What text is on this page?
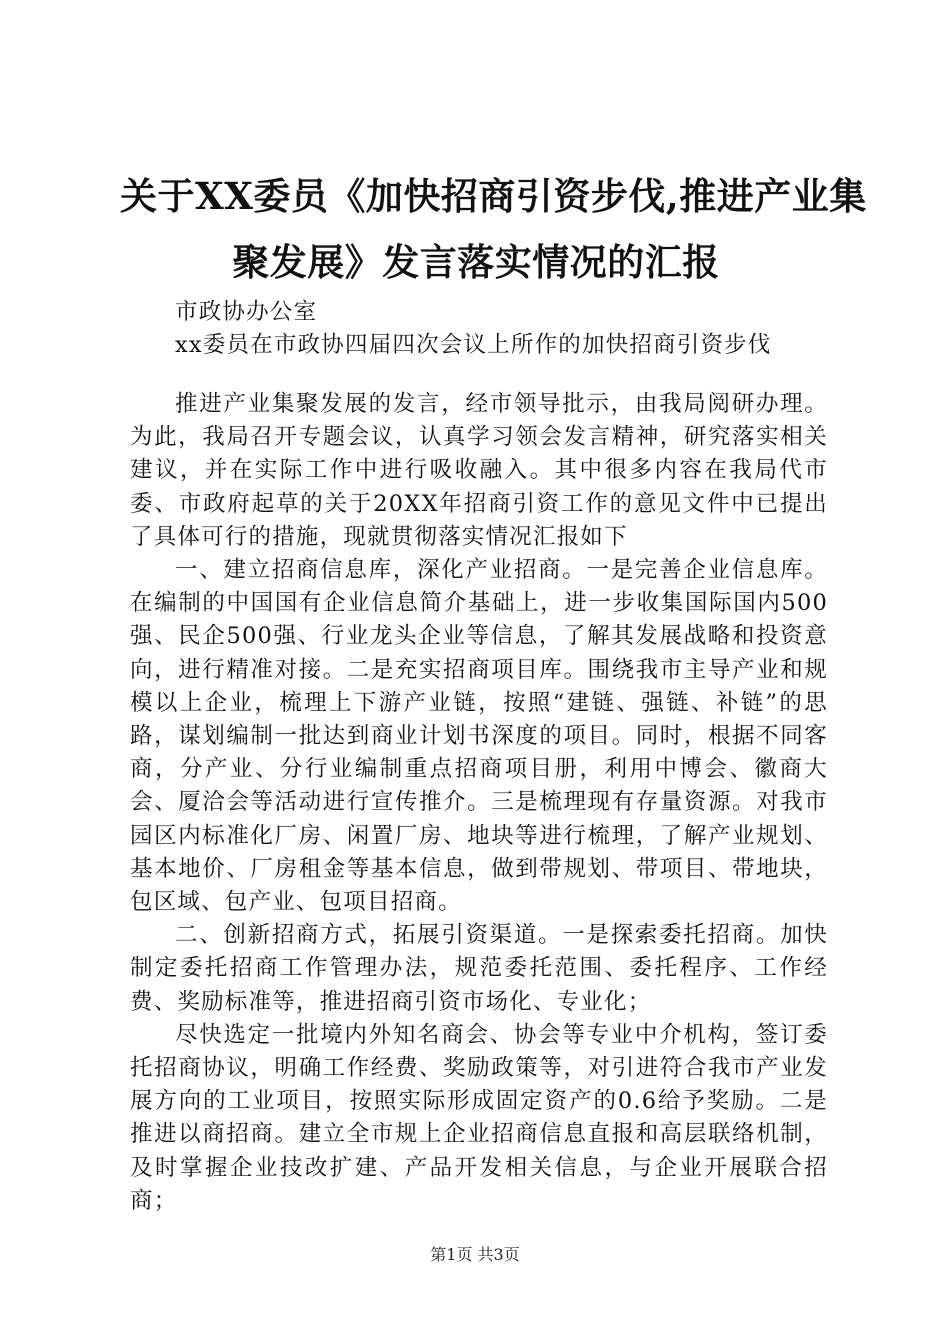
关于XX委员《加快招商引资步伐,推进产业集
聚发展》发言落实情况的汇报
市政协办公室
xx委员在市政协四届四次会议上所作的加快招商引资步伐

推进产业集聚发展的发言，经市领导批示，由我局阅研办理。为此，我局召开专题会议，认真学习领会发言精神，研究落实相关建议，并在实际工作中进行吸收融入。其中很多内容在我局代市委、市政府起草的关于20XX年招商引资工作的意见文件中已提出了具体可行的措施，现就贯彻落实情况汇报如下

一、建立招商信息库，深化产业招商。一是完善企业信息库。在编制的中国国有企业信息简介基础上，进一步收集国际国内500强、民企500强、行业龙头企业等信息，了解其发展战略和投资意向，进行精准对接。二是充实招商项目库。围绕我市主导产业和规模以上企业，梳理上下游产业链，按照“建链、强链、补链”的思路，谋划编制一批达到商业计划书深度的项目。同时，根据不同客商，分产业、分行业编制重点招商项目册，利用中博会、徽商大会、厦洽会等活动进行宣传推介。三是梳理现有存量资源。对我市园区内标准化厂房、闲置厂房、地块等进行梳理，了解产业规划、基本地价、厂房租金等基本信息，做到带规划、带项目、带地块，包区域、包产业、包项目招商。

二、创新招商方式，拓展引资渠道。一是探索委托招商。加快制定委托招商工作管理办法，规范委托范围、委托程序、工作经费、奖励标准等，推进招商引资市场化、专业化；

尽快选定一批境内外知名商会、协会等专业中介机构，签订委托招商协议，明确工作经费、奖励政策等，对引进符合我市产业发展方向的工业项目，按照实际形成固定资产的0.6给予奖励。二是推进以商招商。建立全市规上企业招商信息直报和高层联络机制，及时掌握企业技改扩建、产品开发相关信息，与企业开展联合招商；

第1页 共3页
